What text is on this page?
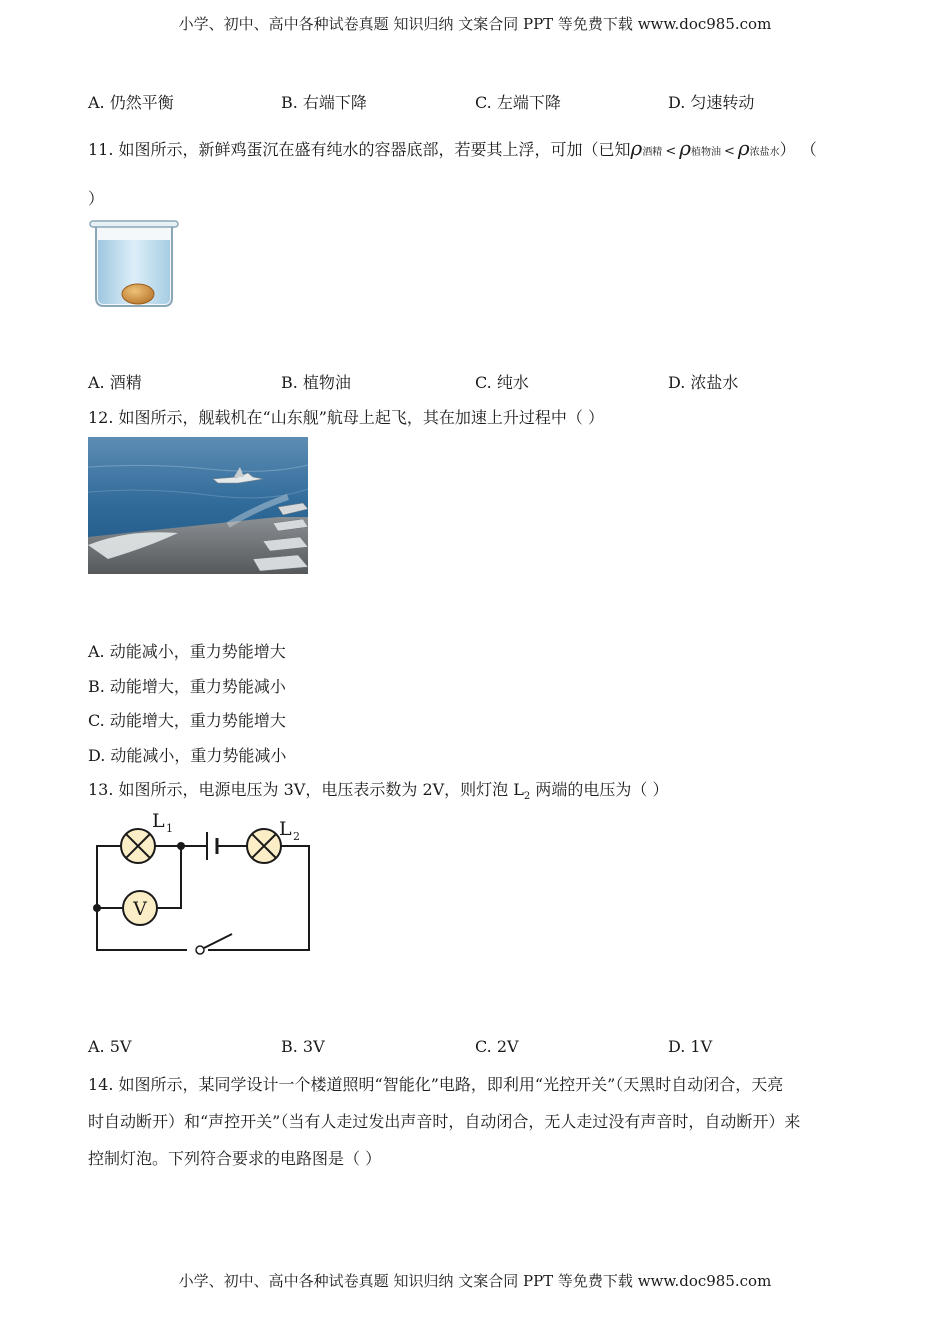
小学、初中、高中各种试卷真题 知识归纳 文案合同 PPT 等免费下载 www.doc985.com
A. 仍然平衡	B. 右端下降	C. 左端下降	D. 匀速转动
11. 如图所示，新鲜鸡蛋沉在盛有纯水的容器底部，若要其上浮，可加（已知ρ酒精 < ρ植物油 < ρ浓盐水） （
）
A. 酒精	B. 植物油	C. 纯水	D. 浓盐水
12. 如图所示，舰载机在“山东舰”航母上起飞，其在加速上升过程中（ ）
A. 动能减小，重力势能增大
B. 动能增大，重力势能减小
C. 动能增大，重力势能增大
D. 动能减小，重力势能减小
13. 如图所示，电源电压为 3V，电压表示数为 2V，则灯泡 $L_2$ 两端的电压为（ ）
V
L 1	L 2
A. 5V	B. 3V	C. 2V	D. 1V
14. 如图所示，某同学设计一个楼道照明“智能化”电路，即利用“光控开关”（天黑时自动闭合，天亮
时自动断开）和“声控开关”（当有人走过发出声音时，自动闭合，无人走过没有声音时，自动断开）来
控制灯泡。下列符合要求的电路图是（ ）
小学、初中、高中各种试卷真题 知识归纳 文案合同 PPT 等免费下载 www.doc985.com
